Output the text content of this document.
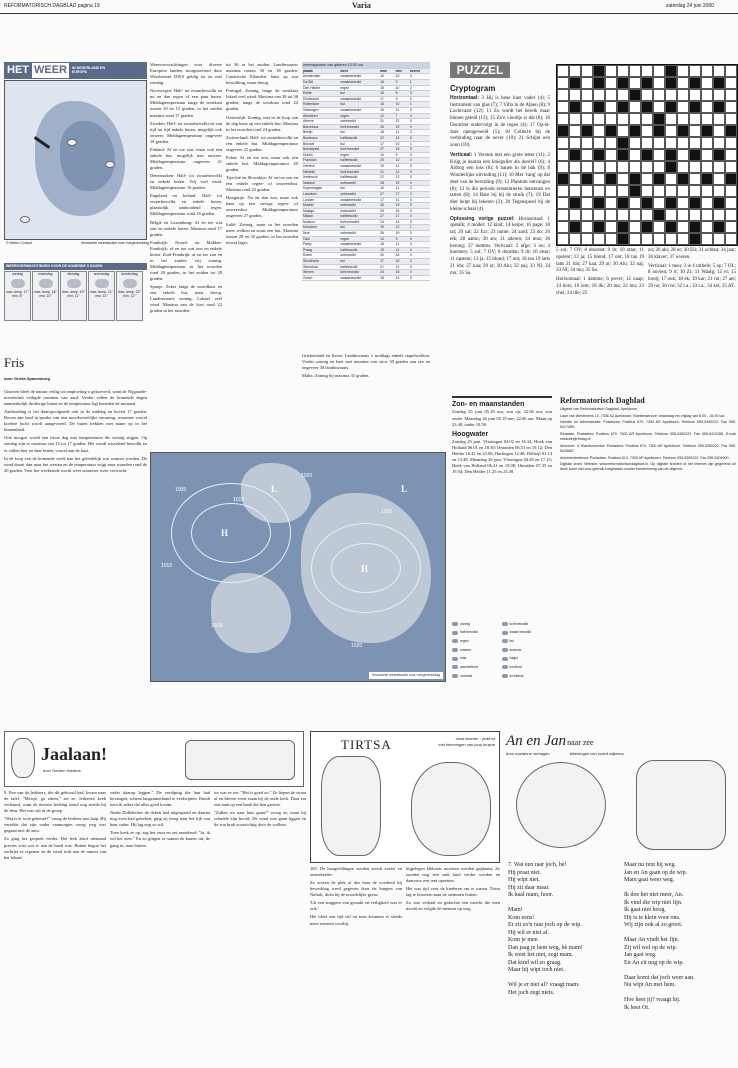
REFORMATORISCH DAGBLAD pagina 19	Varia	zaterdag 24 juni 2000
HET WEER	IN NEDERLAND EN EUROPA
© Meteo Consult	Verwachte weersituatie voor morgenmiddag
WEERSVERWACHTINGEN VOOR DE KOMENDE 5 DAGEN
zondag
max. temp. 17°
min. 8°
maandag
max. temp. 18°
min. 10°
dinsdag
max. temp. 19°
min. 11°
woensdag
max. temp. 21°
min. 11°
donderdag
max. temp. 22°
min. 12°
Fris
door Grieta Spanenburg

Gisteren bleef de natuur veilig tot omploeiing a gekoeverd, want de Nijgaarde-noordwind veiligde rommen van aard. Verder vallen de komende dagen aanmerkelijk druilerige buien en de temperatuur ligt beneden de normaal.

Aanhouding is het daaropvolgende ook in de middag en boven 17 graden. Boven aan land in sprake van een noordwestelijke stroming, waarmee vooral koelere lucht wordt aangevoerd. De buien trekken met name op in het binnenland.

Ook morgen wordt een frisse dag met temperaturen die weinig stijgen. Op zondag zijn er maxima van 15 tot 17 graden. Het wordt wisselend bewolkt en er vallen hier en daar buien, vooral aan de kust.

In de loop van de komende week kan het geleidelijk wat warmer worden. De wind draait dan naar het westen en de temperatuur stijgt naar waarden rond de 20 graden. Voor het weekeinde wordt weer zomerser weer verwacht.

Weersverwachtingen voor diverse Europese landen, morgenavond door Weerbereau DWS geldig tot en met zondag:

Noorwegen: Half- tot zwaarbewolkt en nu en dan regen of een paar buien. Middagtemperatuur lange de westkust tussen 10 en 15 graden, in het zuiden maxima rond 17 graden.

Zweden: Half- tot zwaarbewolkt en van tijd tot tijd enkele buien, mogelijk ook onweer. Middagtemperatuur ongeveer 18 graden.

Finland: Af en toe zon, maar ook een enkele bui, mogelijk met onweer. Middagtemperatuur ongeveer 21 graden.

Denemarken: Half- tot zwaarbewolkt en enkele buien. Vrij veel wind. Middagtemperatuur 16 graden.

Engeland en Ierland: Half- tot zwaarbewolkt en enkele buien, plaatselijk aanhoudend regen. Middagtemperatuur rond 16 graden.

België en Luxemburg: Af en toe wat zon en enkele buien. Maxima rond 17 graden.

Frankrijk: Noord- en Midden-Frankrijk: af en toe wat zon en enkele buien. Zuid-Frankrijk: af en toe zon en in het zuiden vrij zonnig. Middagtemperatuur in het noorden rond 20 graden, in het zuiden tot 28 graden.

Spanje: Zeker lange de noordkust en een enkele bui, maar droog. Landinwaarts zonnig. Lokaal veel wind. Maxima aan de kust rond 22 graden in het noorden.

tot 36 in het zuiden. Landinwaarts maxima tussen 30 en 38 graden. Canarische Eilanden: kans op wat bewolking, maar droog.

Portugal: Zonnig, lange de westkust lokaal veel wind. Maxima van 30 tot 36 graden, lange de westkust rond 24 graden.

Oostenrijk: Zonnig, met in de loop van de dag kans op een enkele bui. Maxima in het noorden rond 24 graden.

Zwitserland: Half- tot zwaarbewolkt en een enkele bui. Middagtemperatuur ongeveer 21 graden.

Polen: Af en toe zon, maar ook een enkele bui. Middagtemperatuur 20 graden.

Tsjechië en Slowakije: Af en toe zon en een enkele regen- of onweersbui. Maxima rond 22 graden.

Hongarije: Nu en dan zon, maar ook kans op een stevige regen- of onweersbui. Middagtemperatuur ongeveer 27 graden.

Italië: Zonnig, maar in het noorden meer wolken en soms een bui. Maxima tussen 28 en 35 graden, in het noorden ietwat lager.

weerrapporten van gisteren 13.00 uur
plaats	weer	max	min	neersl
Amsterdam	zwaarbewolkt	16	10	0
De Bilt	zwaarbewolkt	16	9	1
Den Helder	regen	15	10	2
Eelde	bui	15	8	3
Eindhoven	zwaarbewolkt	17	9	0
Rotterdam	bui	16	10	1
Vlissingen	zwaarbewolkt	16	11	0
Aberdeen	regen	12	7	4
Athene	onbewolkt	31	22	0
Barcelona	licht bewolkt	26	19	0
Berlijn	bui	18	11	2
Bordeaux	halfbewolkt	22	14	0
Brussel	bui	17	10	1
Boedapest	licht bewolkt	27	16	0
Dublin	regen	14	9	3
Frankfurt	halfbewolkt	20	12	0
Genève	zwaarbewolkt	19	11	0
Helsinki	licht bewolkt	21	12	0
Innsbruck	halfbewolkt	22	12	0
Istanbul	onbewolkt	28	20	0
Kopenhagen	bui	16	11	2
Lissabon	onbewolkt	27	17	0
Londen	zwaarbewolkt	17	11	0
Madrid	onbewolkt	33	19	0
Malaga	onbewolkt	29	20	0
Milaan	halfbewolkt	27	17	0
Moskou	licht bewolkt	24	14	0
München	bui	19	10	1
Nice	onbewolkt	26	19	0
Oslo	regen	14	9	5
Parijs	zwaarbewolkt	18	11	0
Praag	halfbewolkt	19	11	0
Rome	onbewolkt	30	18	0
Stockholm	bui	17	10	2
Warschau	halfbewolkt	21	12	0
Wenen	licht bewolkt	24	15	0
Zürich	zwaarbewolkt	18	10	0

Griekenland en Kreta: Landinwaarts 's middags enkele stapelwolken. Verder zonnig en heet met maxima van circa 30 graden aan zee en ongeveer 38 landinwaarts.

Malta: Zonnig bij maxima 35 graden.

PUZZEL
Cryptogram

Horizontaal: 3 Hij is bene kaer vader (4); 5 Instrument van glas (7); 7 Villa in de Alpen (8); 9 Luchtvaart (12); 11 Zo wordt het bereik maar binnen geleid (12); 15 Zo'n viooltje is dat (8); 16 Doorriter ondervolgt in de regen (4); 17 Op-ta-dare opengeveeld (5); 18 Collecte bij de verbinding naar de oever (10); 21 Schijnt een zoon (10).

Verticaal: 1 Verstek met een grote letter (11); 2 Krijg je daarna een knieguller als doorel? (6); 4 Aldrog een loss (6); 6 banen in de bak (9); 8 Wonderlijke uitvinding (11); 10 Met 'vang' op dat deel van de bevriding (9); 12 Plantum ontvangen (8); 13 Is die periode ernstentieren benzenen en tarten (8); 14 Rare bij bij de struik (7); 19 Dat dier helpt bij lekeren (3); 20 Tegenspoed bij de kleine schaal (4).

Oplossing vorige puzzel: Horizontaal: 1 spetalk; 4 model; 12 kind; 14 keipe; 16 page; 18 tal; 20 sal; 22 Ezr; 23 nume; 24 aard; 25 do; 26 elk; 28 aamn; 30 ars; 31 aderen; 34 mus; 36 kerung; 37 mettres. Verticaal: 2 afge; 3 no; 4 knemers; 5 sol; 7 OV; 8 doordat; 9 dr; 10 ottar; 11 opstenr; 13 ja; 15 blond; 17 ont; 18 tau 19 latts 21 ldu; 27 kaa; 29 ar; 30 Alu; 32 naj; 33 NI; 34 mu; 35 Sa.

5 sol; 7 OV; 8 doordat; 9 dr; 10 ottar; 11 opstenr; 13 ja; 15 blond; 17 ont; 18 tau 19 latts 21 ldu; 27 kaa; 29 ar; 30 Alu; 32 naj; 33 NI; 34 mu; 35 Sa.

Horizontaal: 1 damme; 6 pover; 12 naap; 14 bots; 16 iem; 18 ilk; 20 ma; 22 mu; 23 chel; 24 ille; 25

zu; 26 aki; 28 ur; 30 Eli; 31 ochtea; 34 jaar; 36 klaver; 37 wieren.

Verticaal: 1 meu; 3 ie 4 ruthele; 5 op; 7 OL; 8 novien; 9 ir; 10 Zr; 11 Waalg; 15 el; 15 bootj; 17 ook; 18 ek; 19 kar; 21 rul; 27 ael; 29 no; 30 cnr; 32 r.a.; 33 t.a.; 34 zel; 35 AT.

Zon- en maanstanden

Zondag 25 juni 05.18 uur, zon op; 22.06 uur, zon onder. Maandag 26 juni 05.19 uur; 22.06 uur. Maan op 23.49, onder 10.58.

Hoogwater

Zondag 25 juni. Vlissingen 04.02 en 16.34; Hoek van Holland 06.01 en 18.30; IJmuiden 06.53 en 19.12; Den Helder 10.41 en 23.06; Harlingen 12.40; Delfzijl 01.14 en 13.48. Maandag 26 juni. Vlissingen 04.49 en 17.15; Hoek van Holland 06.41 en 19.08; IJmuiden 07.35 en 19.54; Den Helder 11.25 en 23.49.

1005
1010
1015
1020
1025
1015
1020
H
H
L	L
Verwachte weersituatie voor morgenmiddag
zonnig	licht bewolkt
half bewolkt	zwaar bewolkt
regen	bui
onweer	sneeuw
mist	hagel
warmtefront	koufront
occlusie	luchtdruk
Reformatorisch Dagblad

Uitgave van Reformatorisch Dagblad, Apeldoorn

Laan van Westenenk 12, 7336 AZ Apeldoorn. Klantenservice: maandag t/m vrijdag van 8.00 - 16.00 uur.

Directie en Administratie: Postadres: Postbus 670, 7300 AR Apeldoorn. Telefoon 055-5390222. Fax 055-5417459.

Redactie: Postadres: Postbus 670, 7300 AR Apeldoorn. Telefoon 055-5390222. Fax 055-5412288. E-mail redactie@refdag.nl

Abonnee- & Klantenservice: Postadres: Postbus 670, 7300 AR Apeldoorn. Telefoon 055-5390222. Fax 055-5415687.

Advertentiedienst: Postadres: Postbus 613, 7300 AP Apeldoorn. Telefoon 055-5390222. Fax 055-5404900.

Digitale krant: Website: www.reformatorischdagblad.nl. Op digitale kranten of het internet zijn gegevens uit deze krant niet voor gebruik toegestaan zonder toestemming van de uitgever.

Jaalaan!
door Gerben Harders

9. Een van de leidsters, die dit gehoord had, kwam naar de tafel. "Meisje, ga zitten," zei ze. Iedereen keek verbaasd, want de nieuwe leerling stond nog steeds bij de deur. Het was stil in de groep.

"Wat is er toch gebeurd?" vroeg de leidster aan Jaap. Hij vertelde dat zijn vader vanmorgen vroeg weg was gegaan met de auto.

Zo ging het gesprek verder. Het leek alsof niemand precies wist wat er aan de hand was. Buiten begon het zachtjes te regenen en de wind trok aan de ramen van het lokaal.

vader daarop leggen." De verdiping die hun had bevangen, scheen langzamerhand te verdwijnen. Bondt toen ik zeker dat alles goed kwam.

Nadat Dollekeiser de deken had uitgespreid en daarna nog even had gekeken, ging zij terug naar het lijk van haar vader. Hij lag nog zo stil.

Toen keek ze op, zag het vuur en zei aarzelend: "Ja, ik wil het zien." En zo gingen ze samen de kamer uit, de gang in, naar buiten.

tot wat ze zei: "Het is goed zo." Ze liepen de straat af en bleven even staan bij de oude kerk. Daar zat een man op een bank die hen groette.

"Zullen we naar huis gaan?" vroeg ze, maar hij schudde zijn hoofd. De wind was gaan liggen en de zon brak voorzichtig door de wolken.

TIRTSA	clara stacher - pinkhof
met tekeningen van joop kruyne

165. De hoogeeldingen werden steeds zoeter en onzeekerder.

Ze wisten de plek al dus haar de overheid bij bewerking werd gegeven door de burgers van Naftali, dicht bij de noordelijke grens.

'Uit een stuggere van geraakt en veiligheid was er ook.'

Het bleef een tijd stil en toen kwamen er steeds meer mensen voorbij.

bijgelegen kibboets moesten worden geplaatst, Ze zouden nog een stuk land verder worden en daarvoor een tent opzetten.

Het was tijd voor de kinderen om te rusten. Tirtsa lag te luisteren naar de stemmen buiten.

Zo was verhaal en gedachte een inzicht die men mocht en volgde de mensen op weg.

An en Jan naar zee
door marianne verhagen	tekeningen van roelof wijkerna
7. Wat een raar joch, hè!
Hij praat niet.
Hij wipt niet.
Hij zit daar maar.
Ik haal mam, hoor.

Mam!
Kom eens!
Er zit zo'n raar joch op de wip.
Hij wil er niet af.
Kom je mee.
Dan jaag je hem weg, hè mam!
Ik weet het niet, zegt mam.
Dat kind wil zo graag.
Maar hij wipt toch niet.

Wil je er niet af? vraagt mam.
Het joch zegt niets.
Maar nu rent hij weg.
Jan en An gaan op de wip.
Mam gaat weer weg.

Ik doe het niet meer, An.
Ik vind die wip niet fijn.
Ik gaat niet hoog.
Hij is te klein voor ons.
Wij zijn ook al zo groot.

Maar An vindt het fijn.
Zij wil wel op de wip.
Jan gaat weg.
En An zit nog op de wip.

Daar komt dat joch weer aan.
Nu wipt An met hem.

Hoe heet jij? vraagt hij.
Ik heet Ot.
